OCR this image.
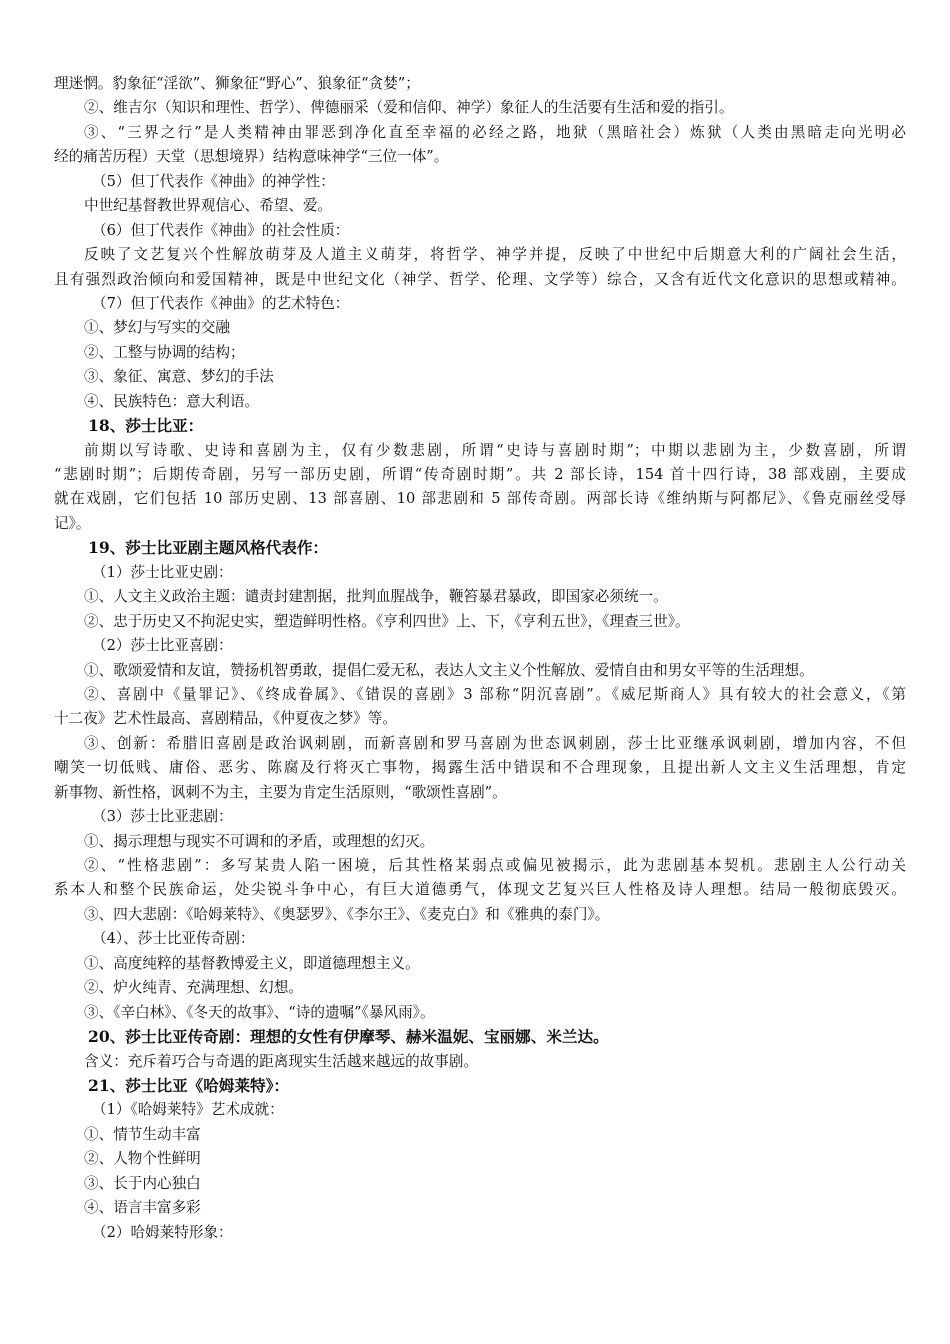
理迷惘。豹象征“淫欲”、狮象征“野心”、狼象征“贪婪”；
②、维吉尔（知识和理性、哲学）、俾德丽采（爱和信仰、神学）象征人的生活要有生活和爱的指引。
③、“三界之行”是人类精神由罪恶到净化直至幸福的必经之路，地狱（黑暗社会）炼狱（人类由黑暗走向光明必
经的痛苦历程）天堂（思想境界）结构意味神学“三位一体”。
（5）但丁代表作《神曲》的神学性：
中世纪基督教世界观信心、希望、爱。
（6）但丁代表作《神曲》的社会性质：
反映了文艺复兴个性解放萌芽及人道主义萌芽，将哲学、神学并提，反映了中世纪中后期意大利的广阔社会生活，
且有强烈政治倾向和爱国精神，既是中世纪文化（神学、哲学、伦理、文学等）综合，又含有近代文化意识的思想或精神。
（7）但丁代表作《神曲》的艺术特色：
①、梦幻与写实的交融
②、工整与协调的结构；
③、象征、寓意、梦幻的手法
④、民族特色：意大利语。
18、莎士比亚：
前期以写诗歌、史诗和喜剧为主，仅有少数悲剧，所谓“史诗与喜剧时期”；中期以悲剧为主，少数喜剧，所谓
“悲剧时期”；后期传奇剧，另写一部历史剧，所谓“传奇剧时期”。共 2 部长诗，154 首十四行诗，38 部戏剧，主要成
就在戏剧，它们包括 10 部历史剧、13 部喜剧、10 部悲剧和 5 部传奇剧。两部长诗《维纳斯与阿都尼》、《鲁克丽丝受辱
记》。
19、莎士比亚剧主题风格代表作：
（1）莎士比亚史剧：
①、人文主义政治主题：谴责封建割据，批判血腥战争，鞭笞暴君暴政，即国家必须统一。
②、忠于历史又不拘泥史实，塑造鲜明性格。《亨利四世》上、下，《亨利五世》，《理查三世》。
（2）莎士比亚喜剧：
①、歌颂爱情和友谊，赞扬机智勇敢，提倡仁爱无私，表达人文主义个性解放、爱情自由和男女平等的生活理想。
②、喜剧中《量罪记》、《终成眷属》、《错误的喜剧》3 部称“阴沉喜剧”。《威尼斯商人》具有较大的社会意义，《第
十二夜》艺术性最高、喜剧精品，《仲夏夜之梦》等。
③、创新：希腊旧喜剧是政治讽刺剧，而新喜剧和罗马喜剧为世态讽刺剧，莎士比亚继承讽刺剧，增加内容，不但
嘲笑一切低贱、庸俗、恶劣、陈腐及行将灭亡事物，揭露生活中错误和不合理现象，且提出新人文主义生活理想，肯定
新事物、新性格，讽刺不为主，主要为肯定生活原则，“歌颂性喜剧”。
（3）莎士比亚悲剧：
①、揭示理想与现实不可调和的矛盾，或理想的幻灭。
②、“性格悲剧”：多写某贵人陷一困境，后其性格某弱点或偏见被揭示，此为悲剧基本契机。悲剧主人公行动关
系本人和整个民族命运，处尖锐斗争中心，有巨大道德勇气，体现文艺复兴巨人性格及诗人理想。结局一般彻底毁灭。
③、四大悲剧：《哈姆莱特》、《奥瑟罗》、《李尔王》、《麦克白》和《雅典的泰门》。
（4）、莎士比亚传奇剧：
①、高度纯粹的基督教博爱主义，即道德理想主义。
②、炉火纯青、充满理想、幻想。
③、《辛白林》、《冬天的故事》、“诗的遗嘱”《暴风雨》。
20、莎士比亚传奇剧：理想的女性有伊摩琴、赫米温妮、宝丽娜、米兰达。
含义：充斥着巧合与奇遇的距离现实生活越来越远的故事剧。
21、莎士比亚《哈姆莱特》：
（1）《哈姆莱特》艺术成就：
①、情节生动丰富
②、人物个性鲜明
③、长于内心独白
④、语言丰富多彩
（2）哈姆莱特形象：
